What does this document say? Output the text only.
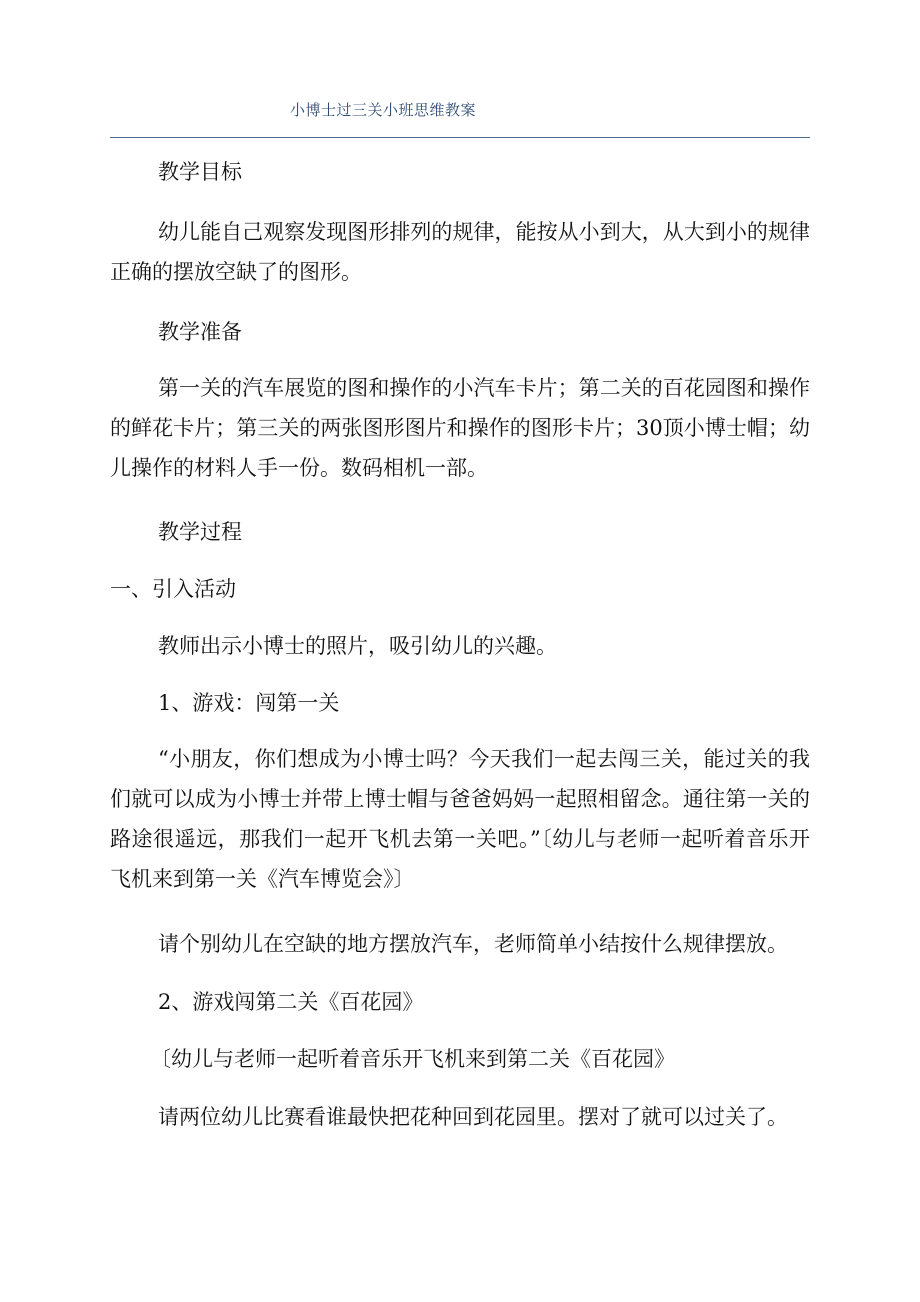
小博士过三关小班思维教案
教学目标

幼儿能自己观察发现图形排列的规律，能按从小到大，从大到小的规律正确的摆放空缺了的图形。

教学准备

第一关的汽车展览的图和操作的小汽车卡片；第二关的百花园图和操作的鲜花卡片；第三关的两张图形图片和操作的图形卡片；30顶小博士帽；幼儿操作的材料人手一份。数码相机一部。

教学过程
一、引入活动
教师出示小博士的照片，吸引幼儿的兴趣。
1、游戏：闯第一关

“小朋友，你们想成为小博士吗？今天我们一起去闯三关，能过关的我们就可以成为小博士并带上博士帽与爸爸妈妈一起照相留念。通往第一关的路途很遥远，那我们一起开飞机去第一关吧。”〔幼儿与老师一起听着音乐开飞机来到第一关《汽车博览会》〕

请个别幼儿在空缺的地方摆放汽车，老师简单小结按什么规律摆放。
2、游戏闯第二关《百花园》
〔幼儿与老师一起听着音乐开飞机来到第二关《百花园》
请两位幼儿比赛看谁最快把花种回到花园里。摆对了就可以过关了。
